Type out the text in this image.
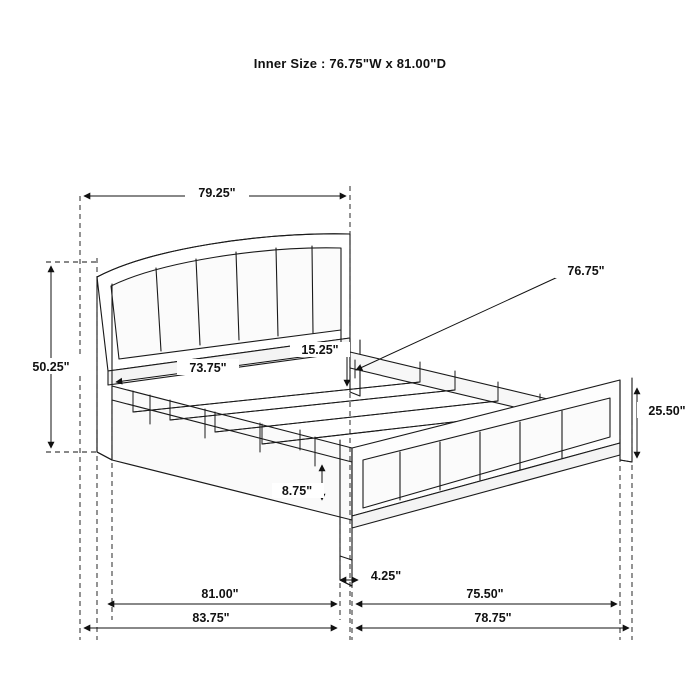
Inner Size : 76.75"W x 81.00"D
79.25"
50.25"	73.75"
15.25"
76.75"
25.50"
8.75"
4.25"
81.00"
83.75"
75.50"
78.75"
